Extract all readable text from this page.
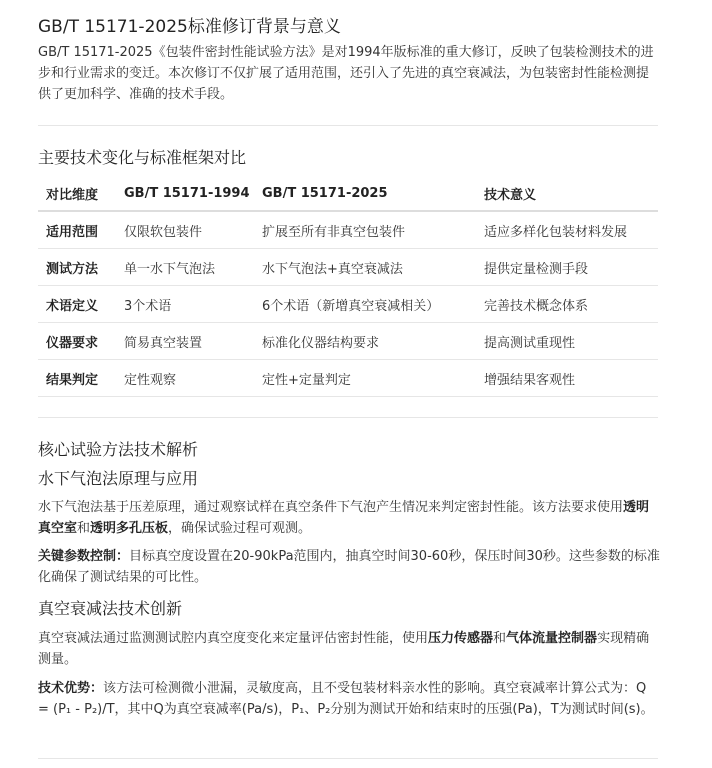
GB/T 15171-2025标准修订背景与意义

GB/T 15171-2025《包装件密封性能试验方法》是对1994年版标准的重大修订，反映了包装检测技术的进步和行业需求的变迁。本次修订不仅扩展了适用范围，还引入了先进的真空衰减法，为包装密封性能检测提供了更加科学、准确的技术手段。

主要技术变化与标准框架对比
对比维度	GB/T 15171-1994	GB/T 15171-2025	技术意义
适用范围	仅限软包装件	扩展至所有非真空包装件	适应多样化包装材料发展
测试方法	单一水下气泡法	水下气泡法+真空衰减法	提供定量检测手段
术语定义	3个术语	6个术语（新增真空衰减相关）	完善技术概念体系
仪器要求	简易真空装置	标准化仪器结构要求	提高测试重现性
结果判定	定性观察	定性+定量判定	增强结果客观性
核心试验方法技术解析
水下气泡法原理与应用

水下气泡法基于压差原理，通过观察试样在真空条件下气泡产生情况来判定密封性能。该方法要求使用透明真空室和透明多孔压板，确保试验过程可观测。

关键参数控制：目标真空度设置在20-90kPa范围内，抽真空时间30-60秒，保压时间30秒。这些参数的标准化确保了测试结果的可比性。

真空衰减法技术创新

真空衰减法通过监测测试腔内真空度变化来定量评估密封性能，使用压力传感器和气体流量控制器实现精确测量。

技术优势：该方法可检测微小泄漏，灵敏度高，且不受包装材料亲水性的影响。真空衰减率计算公式为：Q = (P₁ - P₂)/T，其中Q为真空衰减率(Pa/s)，P₁、P₂分别为测试开始和结束时的压强(Pa)，T为测试时间(s)。
